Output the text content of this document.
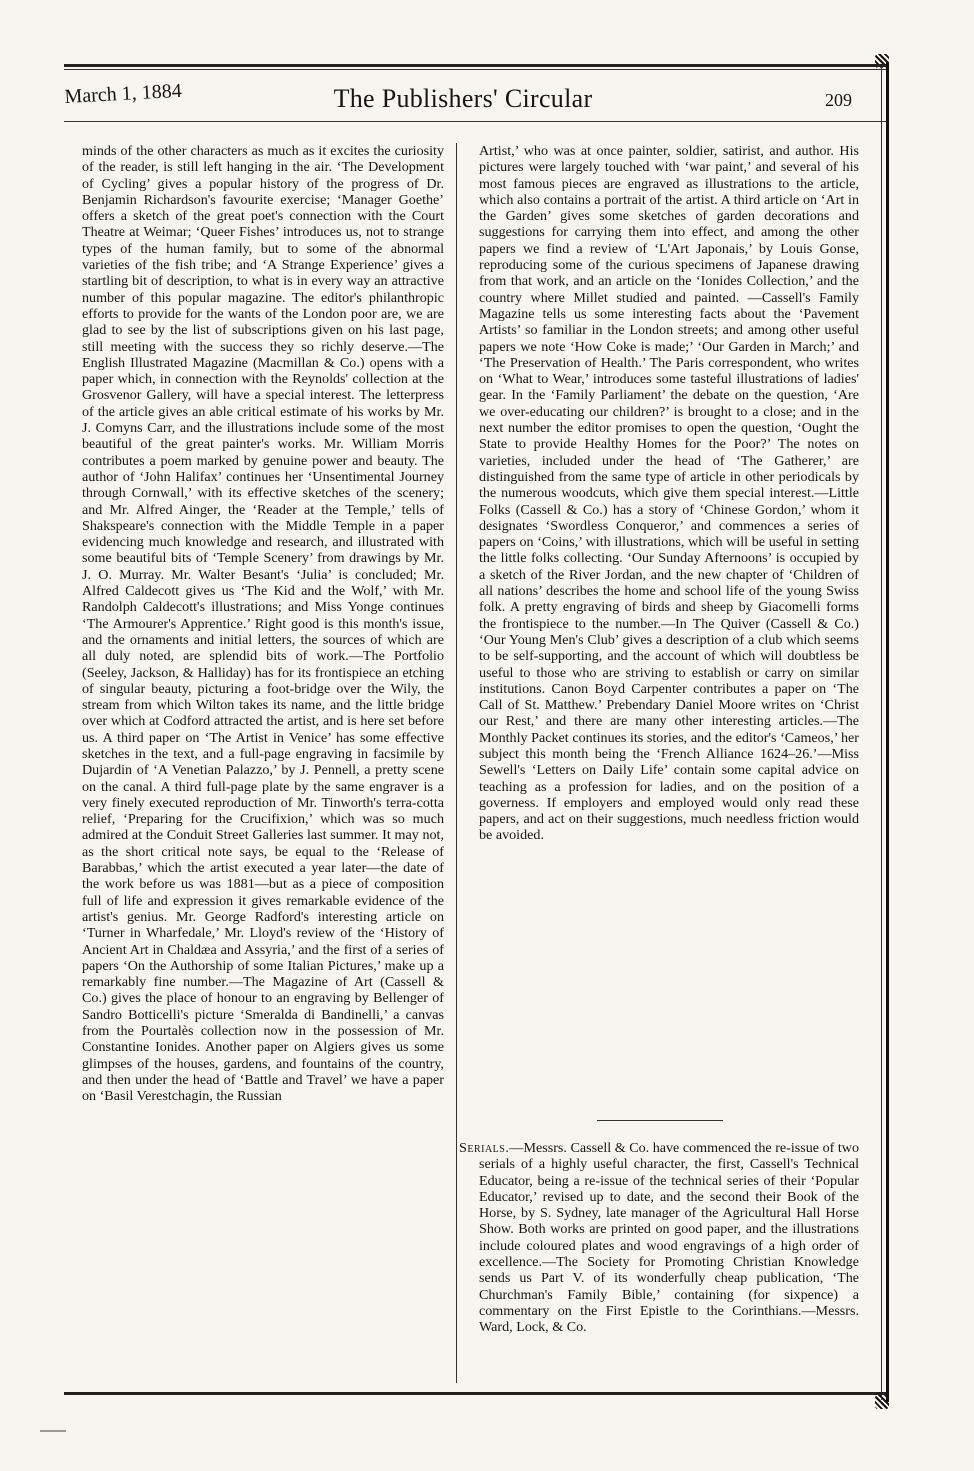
March 1, 1884	The Publishers' Circular	209

minds of the other characters as much as it excites the curiosity of the reader, is still left hanging in the air. ‘The Development of Cycling’ gives a popular history of the progress of Dr. Benjamin Richardson's favourite exercise; ‘Manager Goethe’ offers a sketch of the great poet's connection with the Court Theatre at Weimar; ‘Queer Fishes’ introduces us, not to strange types of the human family, but to some of the abnormal varieties of the fish tribe; and ‘A Strange Experience’ gives a startling bit of description, to what is in every way an attractive number of this popular magazine. The editor's philanthropic efforts to provide for the wants of the London poor are, we are glad to see by the list of subscriptions given on his last page, still meeting with the success they so richly deserve.—The English Illustrated Magazine (Macmillan & Co.) opens with a paper which, in connection with the Reynolds' collection at the Grosvenor Gallery, will have a special interest. The letterpress of the article gives an able critical estimate of his works by Mr. J. Comyns Carr, and the illustrations include some of the most beautiful of the great painter's works. Mr. William Morris contributes a poem marked by genuine power and beauty. The author of ‘John Halifax’ continues her ‘Unsentimental Journey through Cornwall,’ with its effective sketches of the scenery; and Mr. Alfred Ainger, the ‘Reader at the Temple,’ tells of Shakspeare's connection with the Middle Temple in a paper evidencing much knowledge and research, and illustrated with some beautiful bits of ‘Temple Scenery’ from drawings by Mr. J. O. Murray. Mr. Walter Besant's ‘Julia’ is concluded; Mr. Alfred Caldecott gives us ‘The Kid and the Wolf,’ with Mr. Randolph Caldecott's illustrations; and Miss Yonge continues ‘The Armourer's Apprentice.’ Right good is this month's issue, and the ornaments and initial letters, the sources of which are all duly noted, are splendid bits of work.—The Portfolio (Seeley, Jackson, & Halliday) has for its frontispiece an etching of singular beauty, picturing a foot-bridge over the Wily, the stream from which Wilton takes its name, and the little bridge over which at Codford attracted the artist, and is here set before us. A third paper on ‘The Artist in Venice’ has some effective sketches in the text, and a full-page engraving in facsimile by Dujardin of ‘A Venetian Palazzo,’ by J. Pennell, a pretty scene on the canal. A third full-page plate by the same engraver is a very finely executed reproduction of Mr. Tinworth's terra-cotta relief, ‘Preparing for the Crucifixion,’ which was so much admired at the Conduit Street Galleries last summer. It may not, as the short critical note says, be equal to the ‘Release of Barabbas,’ which the artist executed a year later—the date of the work before us was 1881—but as a piece of composition full of life and expression it gives remarkable evidence of the artist's genius. Mr. George Radford's interesting article on ‘Turner in Wharfedale,’ Mr. Lloyd's review of the ‘History of Ancient Art in Chaldæa and Assyria,’ and the first of a series of papers ‘On the Authorship of some Italian Pictures,’ make up a remarkably fine number.—The Magazine of Art (Cassell & Co.) gives the place of honour to an engraving by Bellenger of Sandro Botticelli's picture ‘Smeralda di Bandinelli,’ a canvas from the Pourtalès collection now in the possession of Mr. Constantine Ionides. Another paper on Algiers gives us some glimpses of the houses, gardens, and fountains of the country, and then under the head of ‘Battle and Travel’ we have a paper on ‘Basil Verestchagin, the Russian

Artist,’ who was at once painter, soldier, satirist, and author. His pictures were largely touched with ‘war paint,’ and several of his most famous pieces are engraved as illustrations to the article, which also contains a portrait of the artist. A third article on ‘Art in the Garden’ gives some sketches of garden decorations and suggestions for carrying them into effect, and among the other papers we find a review of ‘L'Art Japonais,’ by Louis Gonse, reproducing some of the curious specimens of Japanese drawing from that work, and an article on the ‘Ionides Collection,’ and the country where Millet studied and painted. —Cassell's Family Magazine tells us some interesting facts about the ‘Pavement Artists’ so familiar in the London streets; and among other useful papers we note ‘How Coke is made;’ ‘Our Garden in March;’ and ‘The Preservation of Health.’ The Paris correspondent, who writes on ‘What to Wear,’ introduces some tasteful illustrations of ladies' gear. In the ‘Family Parliament’ the debate on the question, ‘Are we over-educating our children?’ is brought to a close; and in the next number the editor promises to open the question, ‘Ought the State to provide Healthy Homes for the Poor?’ The notes on varieties, included under the head of ‘The Gatherer,’ are distinguished from the same type of article in other periodicals by the numerous woodcuts, which give them special interest.—Little Folks (Cassell & Co.) has a story of ‘Chinese Gordon,’ whom it designates ‘Swordless Conqueror,’ and commences a series of papers on ‘Coins,’ with illustrations, which will be useful in setting the little folks collecting. ‘Our Sunday Afternoons’ is occupied by a sketch of the River Jordan, and the new chapter of ‘Children of all nations’ describes the home and school life of the young Swiss folk. A pretty engraving of birds and sheep by Giacomelli forms the frontispiece to the number.—In The Quiver (Cassell & Co.) ‘Our Young Men's Club’ gives a description of a club which seems to be self-supporting, and the account of which will doubtless be useful to those who are striving to establish or carry on similar institutions. Canon Boyd Carpenter contributes a paper on ‘The Call of St. Matthew.’ Prebendary Daniel Moore writes on ‘Christ our Rest,’ and there are many other interesting articles.—The Monthly Packet continues its stories, and the editor's ‘Cameos,’ her subject this month being the ‘French Alliance 1624–26.’—Miss Sewell's ‘Letters on Daily Life’ contain some capital advice on teaching as a profession for ladies, and on the position of a governess. If employers and employed would only read these papers, and act on their suggestions, much needless friction would be avoided.

Serials.—Messrs. Cassell & Co. have commenced the re-issue of two serials of a highly useful character, the first, Cassell's Technical Educator, being a re-issue of the technical series of their ‘Popular Educator,’ revised up to date, and the second their Book of the Horse, by S. Sydney, late manager of the Agricultural Hall Horse Show. Both works are printed on good paper, and the illustrations include coloured plates and wood engravings of a high order of excellence.—The Society for Promoting Christian Knowledge sends us Part V. of its wonderfully cheap publication, ‘The Churchman's Family Bible,’ containing (for sixpence) a commentary on the First Epistle to the Corinthians.—Messrs. Ward, Lock, & Co.
